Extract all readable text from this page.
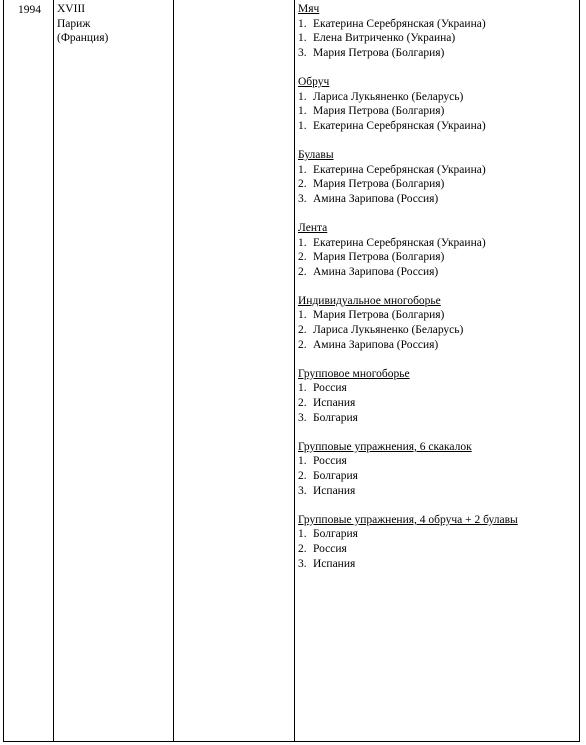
1994 XVIII
Париж
(Франция)
Мяч
1. Екатерина Серебрянская (Украина)
1. Елена Витриченко (Украина)
3. Мария Петрова (Болгария)
Обруч
1. Лариса Лукьяненко (Беларусь)
1. Мария Петрова (Болгария)
1. Екатерина Серебрянская (Украина)
Булавы
1. Екатерина Серебрянская (Украина)
2. Мария Петрова (Болгария)
3. Амина Зарипова (Россия)
Лента
1. Екатерина Серебрянская (Украина)
2. Мария Петрова (Болгария)
2. Амина Зарипова (Россия)
Индивидуальное многоборье
1. Мария Петрова (Болгария)
2. Лариса Лукьяненко (Беларусь)
2. Амина Зарипова (Россия)
Групповое многоборье
1. Россия
2. Испания
3. Болгария
Групповые упражнения, 6 скакалок
1. Россия
2. Болгария
3. Испания
Групповые упражнения, 4 обруча + 2 булавы
1. Болгария
2. Россия
3. Испания
